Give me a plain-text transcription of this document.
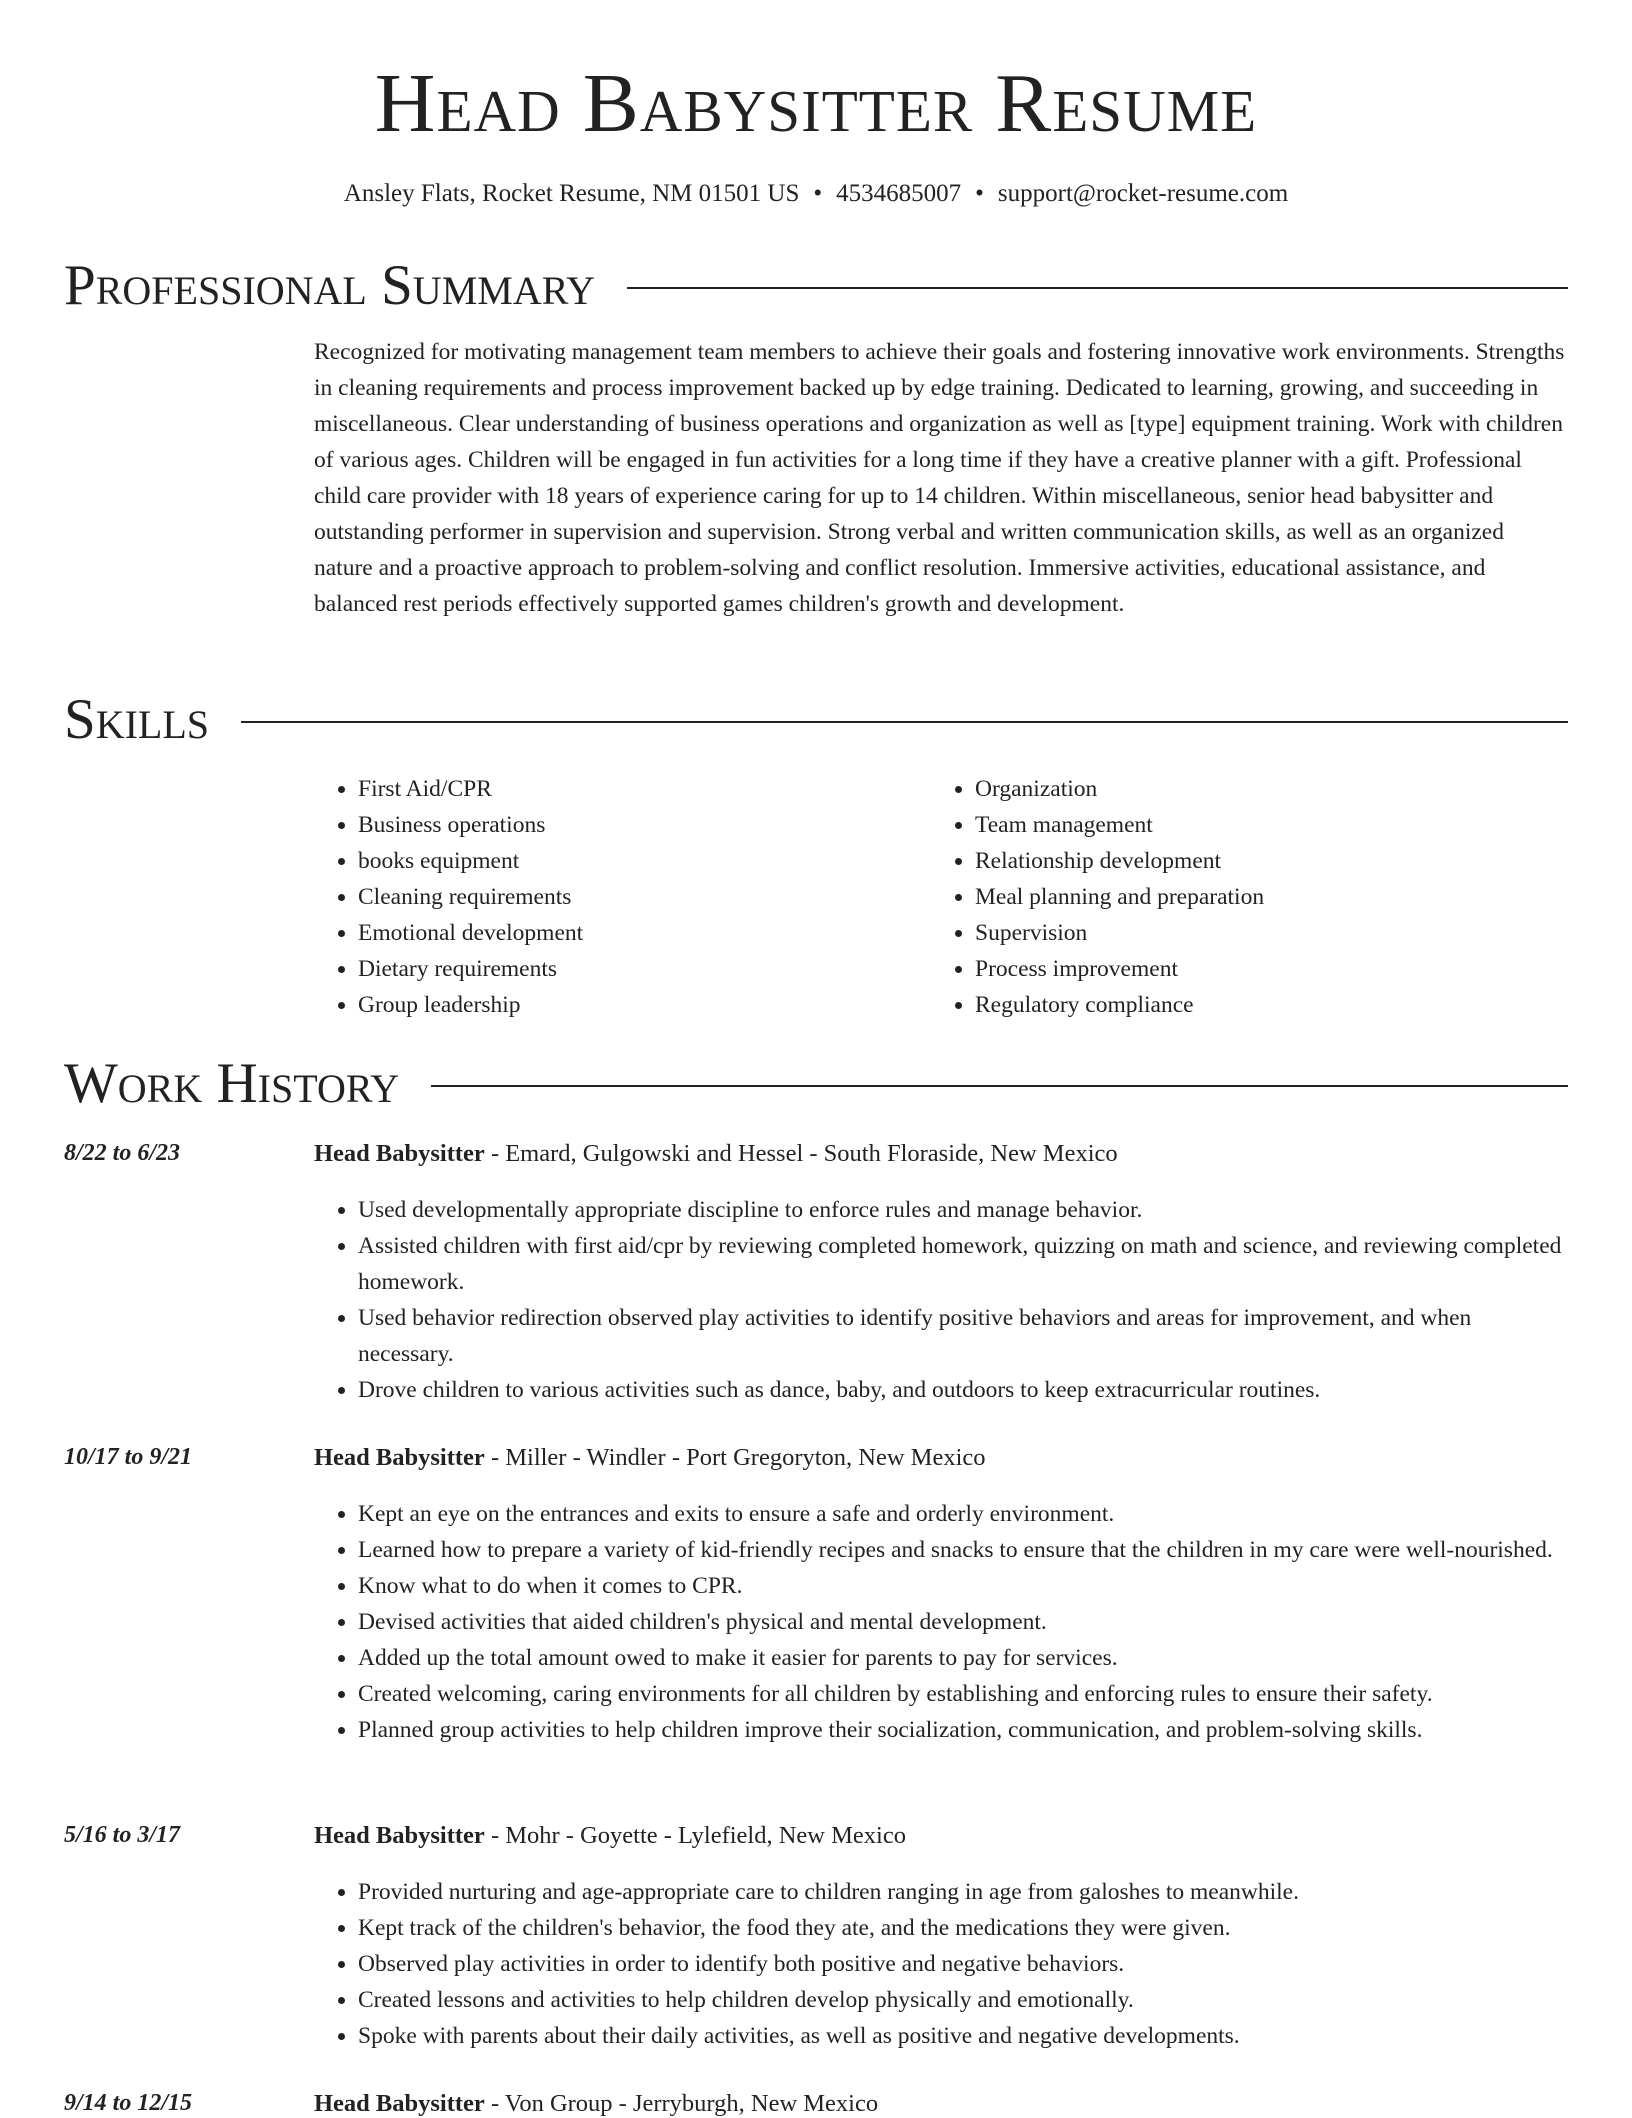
Head Babysitter Resume
Ansley Flats, Rocket Resume, NM 01501 US • 4534685007 • support@rocket-resume.com
Professional Summary

Recognized for motivating management team members to achieve their goals and fostering innovative work environments. Strengths in cleaning requirements and process improvement backed up by edge training. Dedicated to learning, growing, and succeeding in miscellaneous. Clear understanding of business operations and organization as well as [type] equipment training. Work with children of various ages. Children will be engaged in fun activities for a long time if they have a creative planner with a gift. Professional child care provider with 18 years of experience caring for up to 14 children. Within miscellaneous, senior head babysitter and outstanding performer in supervision and supervision. Strong verbal and written communication skills, as well as an organized nature and a proactive approach to problem-solving and conflict resolution. Immersive activities, educational assistance, and balanced rest periods effectively supported games children's growth and development.

Skills
• First Aid/CPR
• Business operations
• books equipment
• Cleaning requirements
• Emotional development
• Dietary requirements
• Group leadership
• Organization
• Team management
• Relationship development
• Meal planning and preparation
• Supervision
• Process improvement
• Regulatory compliance
Work History
8/22 to 6/23	Head Babysitter - Emard, Gulgowski and Hessel - South Floraside, New Mexico
• Used developmentally appropriate discipline to enforce rules and manage behavior.
• Assisted children with first aid/cpr by reviewing completed homework, quizzing on math and science, and reviewing completed homework.
• Used behavior redirection observed play activities to identify positive behaviors and areas for improvement, and when necessary.
• Drove children to various activities such as dance, baby, and outdoors to keep extracurricular routines.
10/17 to 9/21	Head Babysitter - Miller - Windler - Port Gregoryton, New Mexico
• Kept an eye on the entrances and exits to ensure a safe and orderly environment.
• Learned how to prepare a variety of kid-friendly recipes and snacks to ensure that the children in my care were well-nourished.
• Know what to do when it comes to CPR.
• Devised activities that aided children's physical and mental development.
• Added up the total amount owed to make it easier for parents to pay for services.
• Created welcoming, caring environments for all children by establishing and enforcing rules to ensure their safety.
• Planned group activities to help children improve their socialization, communication, and problem-solving skills.
5/16 to 3/17	Head Babysitter - Mohr - Goyette - Lylefield, New Mexico
• Provided nurturing and age-appropriate care to children ranging in age from galoshes to meanwhile.
• Kept track of the children's behavior, the food they ate, and the medications they were given.
• Observed play activities in order to identify both positive and negative behaviors.
• Created lessons and activities to help children develop physically and emotionally.
• Spoke with parents about their daily activities, as well as positive and negative developments.
9/14 to 12/15	Head Babysitter - Von Group - Jerryburgh, New Mexico
